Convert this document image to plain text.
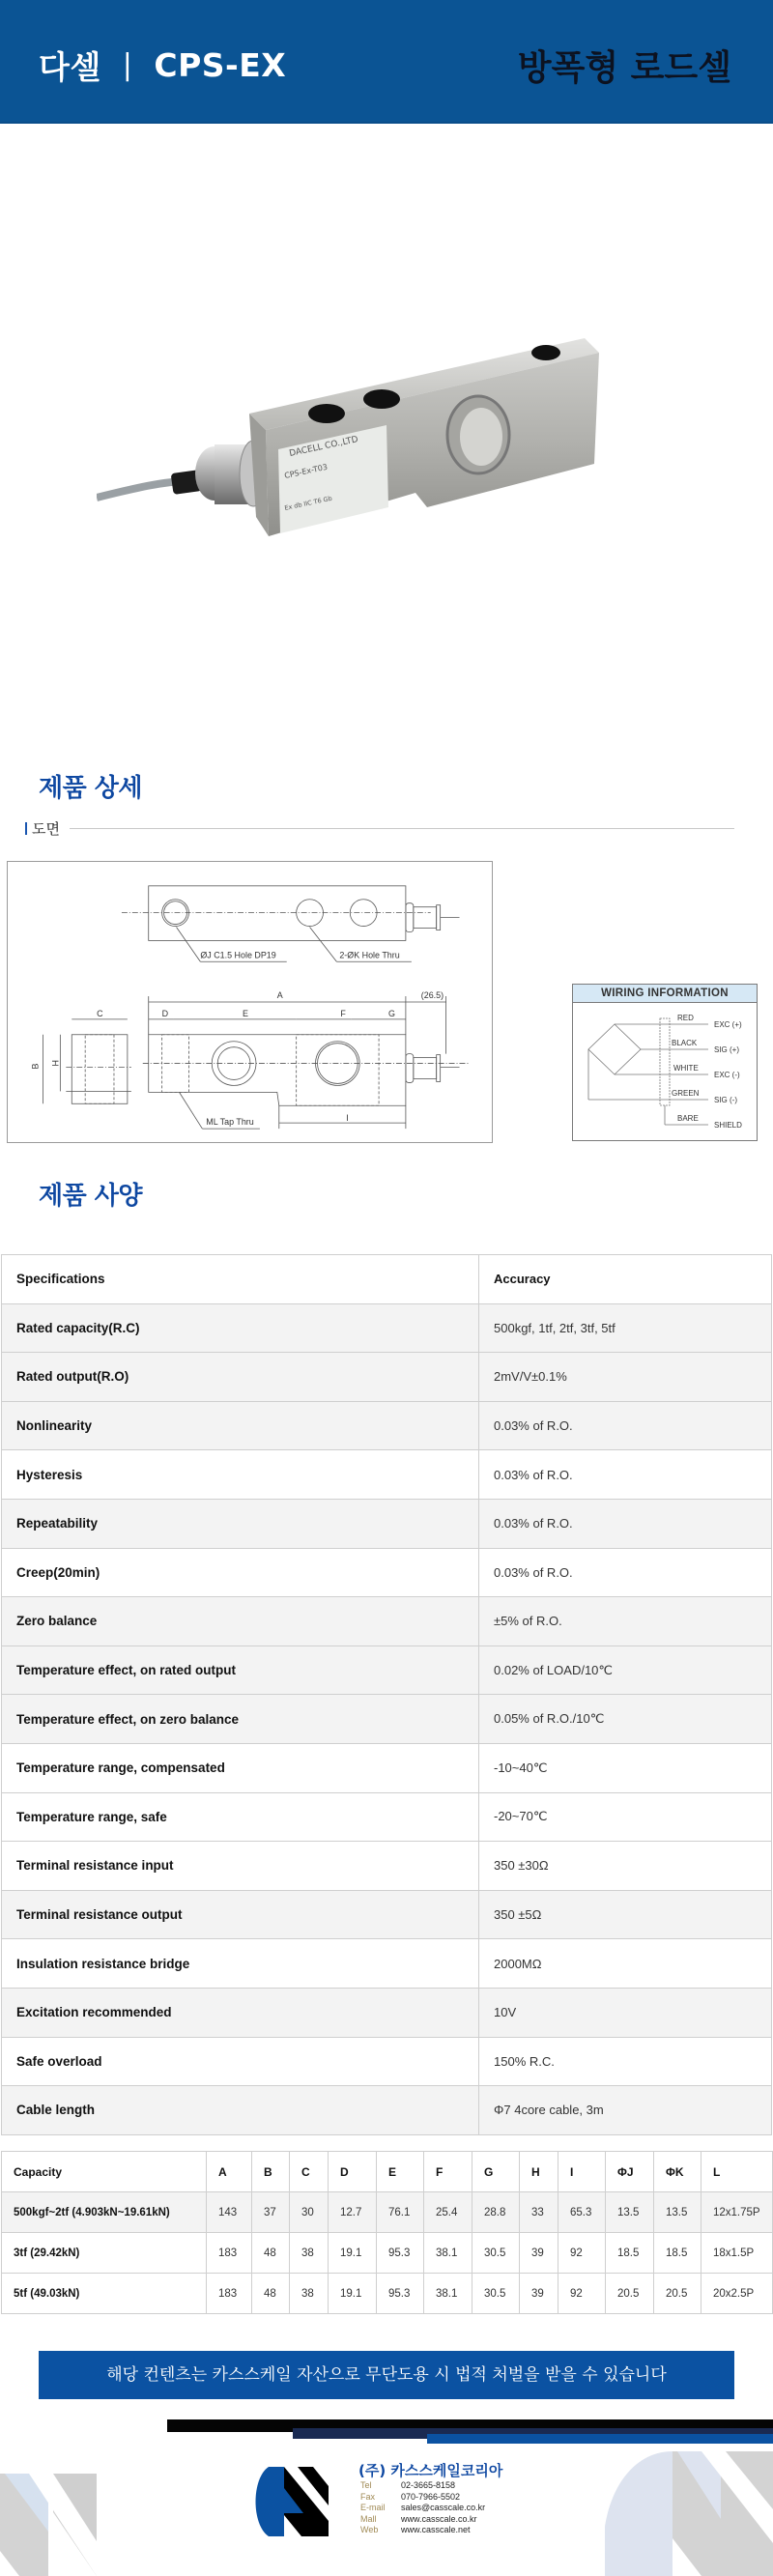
다셀 | CPS-EX	방폭형 로드셀
DACELL CO.,LTD
CPS-Ex-T03
Ex db IIC T6 Gb
제품 상세
도면
ØJ C1.5 Hole DP19	2-ØK Hole Thru
ML Tap Thru
A
B
C	D	E	F	G
H
I
(26.5)	WIRING INFORMATION
RED
EXC (+)
BLACK
SIG (+)
WHITE
EXC (-)
GREEN
SIG (-)
BARE
SHIELD
제품 사양
Specifications	Accuracy
Rated capacity(R.C)	500kgf, 1tf, 2tf, 3tf, 5tf
Rated output(R.O)	2mV/V±0.1%
Nonlinearity	0.03% of R.O.
Hysteresis	0.03% of R.O.
Repeatability	0.03% of R.O.
Creep(20min)	0.03% of R.O.
Zero balance	±5% of R.O.
Temperature effect, on rated output	0.02% of LOAD/10℃
Temperature effect, on zero balance	0.05% of R.O./10℃
Temperature range, compensated	-10~40℃
Temperature range, safe	-20~70℃
Terminal resistance input	350 ±30Ω
Terminal resistance output	350 ±5Ω
Insulation resistance bridge	2000MΩ
Excitation recommended	10V
Safe overload	150% R.C.
Cable length	Φ7 4core cable, 3m
Capacity	A	B	C	D	E	F	G	H	I	ΦJ	ΦK	L
500kgf~2tf (4.903kN~19.61kN)	143	37	30	12.7	76.1	25.4	28.8	33	65.3	13.5	13.5	12x1.75P
3tf (29.42kN)	183	48	38	19.1	95.3	38.1	30.5	39	92	18.5	18.5	18x1.5P
5tf (49.03kN)	183	48	38	19.1	95.3	38.1	30.5	39	92	20.5	20.5	20x2.5P
해당 컨텐츠는 카스스케일 자산으로 무단도용 시 법적 처벌을 받을 수 있습니다
(주) 카스스케일코리아
Tel	02-3665-8158
Fax	070-7966-5502
E-mail	sales@casscale.co.kr
Mall	www.casscale.co.kr
Web	www.casscale.net
